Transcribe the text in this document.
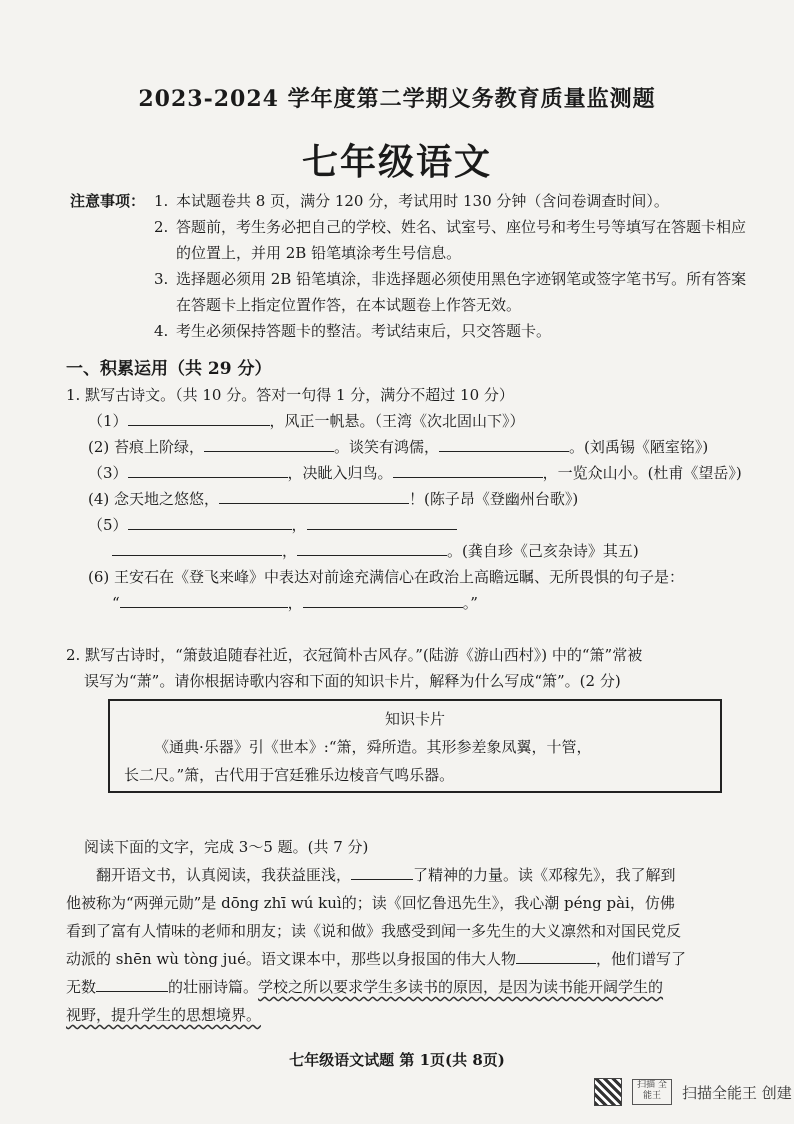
2023-2024 学年度第二学期义务教育质量监测题
七年级语文
注意事项： 1. 本试题卷共 8 页，满分 120 分，考试用时 130 分钟（含问卷调查时间）。
2. 答题前，考生务必把自己的学校、姓名、试室号、座位号和考生号等填写在答题卡相应的位置上，并用 2B 铅笔填涂考生号信息。
3. 选择题必须用 2B 铅笔填涂，非选择题必须使用黑色字迹钢笔或签字笔书写。所有答案在答题卡上指定位置作答，在本试题卷上作答无效。
4. 考生必须保持答题卡的整洁。考试结束后，只交答题卡。
一、积累运用（共 29 分）
1. 默写古诗文。（共 10 分。答对一句得 1 分，满分不超过 10 分）
（1）	，风正一帆悬。（王湾《次北固山下》）
(2) 苔痕上阶绿，	。谈笑有鸿儒，	。(刘禹锡《陋室铭》)
（3）	，决眦入归鸟。	，一览众山小。(杜甫《望岳》)
(4) 念天地之悠悠，	！(陈子昂《登幽州台歌》)
（5）	，
，	。(龚自珍《己亥杂诗》其五)
(6) 王安石在《登飞来峰》中表达对前途充满信心在政治上高瞻远瞩、无所畏惧的句子是：
“	，	。”
2. 默写古诗时，“箫鼓追随春社近，衣冠简朴古风存。”(陆游《游山西村》) 中的“箫”常被
误写为“萧”。请你根据诗歌内容和下面的知识卡片，解释为什么写成“箫”。(2 分)
知识卡片
《通典·乐器》引《世本》:“箫，舜所造。其形参差象凤翼，十管，
长二尺。”箫，古代用于宫廷雅乐边棱音气鸣乐器。
阅读下面的文字，完成 3～5 题。(共 7 分)
翻开语文书，认真阅读，我获益匪浅，	了精神的力量。读《邓稼先》，我了解到
他被称为“两弹元勋”是 dōng zhī wú kuì的；读《回忆鲁迅先生》，我心潮 péng pài，仿佛
看到了富有人情味的老师和朋友；读《说和做》我感受到闻一多先生的大义凛然和对国民党反
动派的 shēn wù tòng jué。语文课本中，那些以身报国的伟大人物	，他们谱写了
无数	的壮丽诗篇。学校之所以要求学生多读书的原因，是因为读书能开阔学生的
视野，提升学生的思想境界。
七年级语文试题 第 1页(共 8页)
扫描 全能王	扫描全能王 创建
